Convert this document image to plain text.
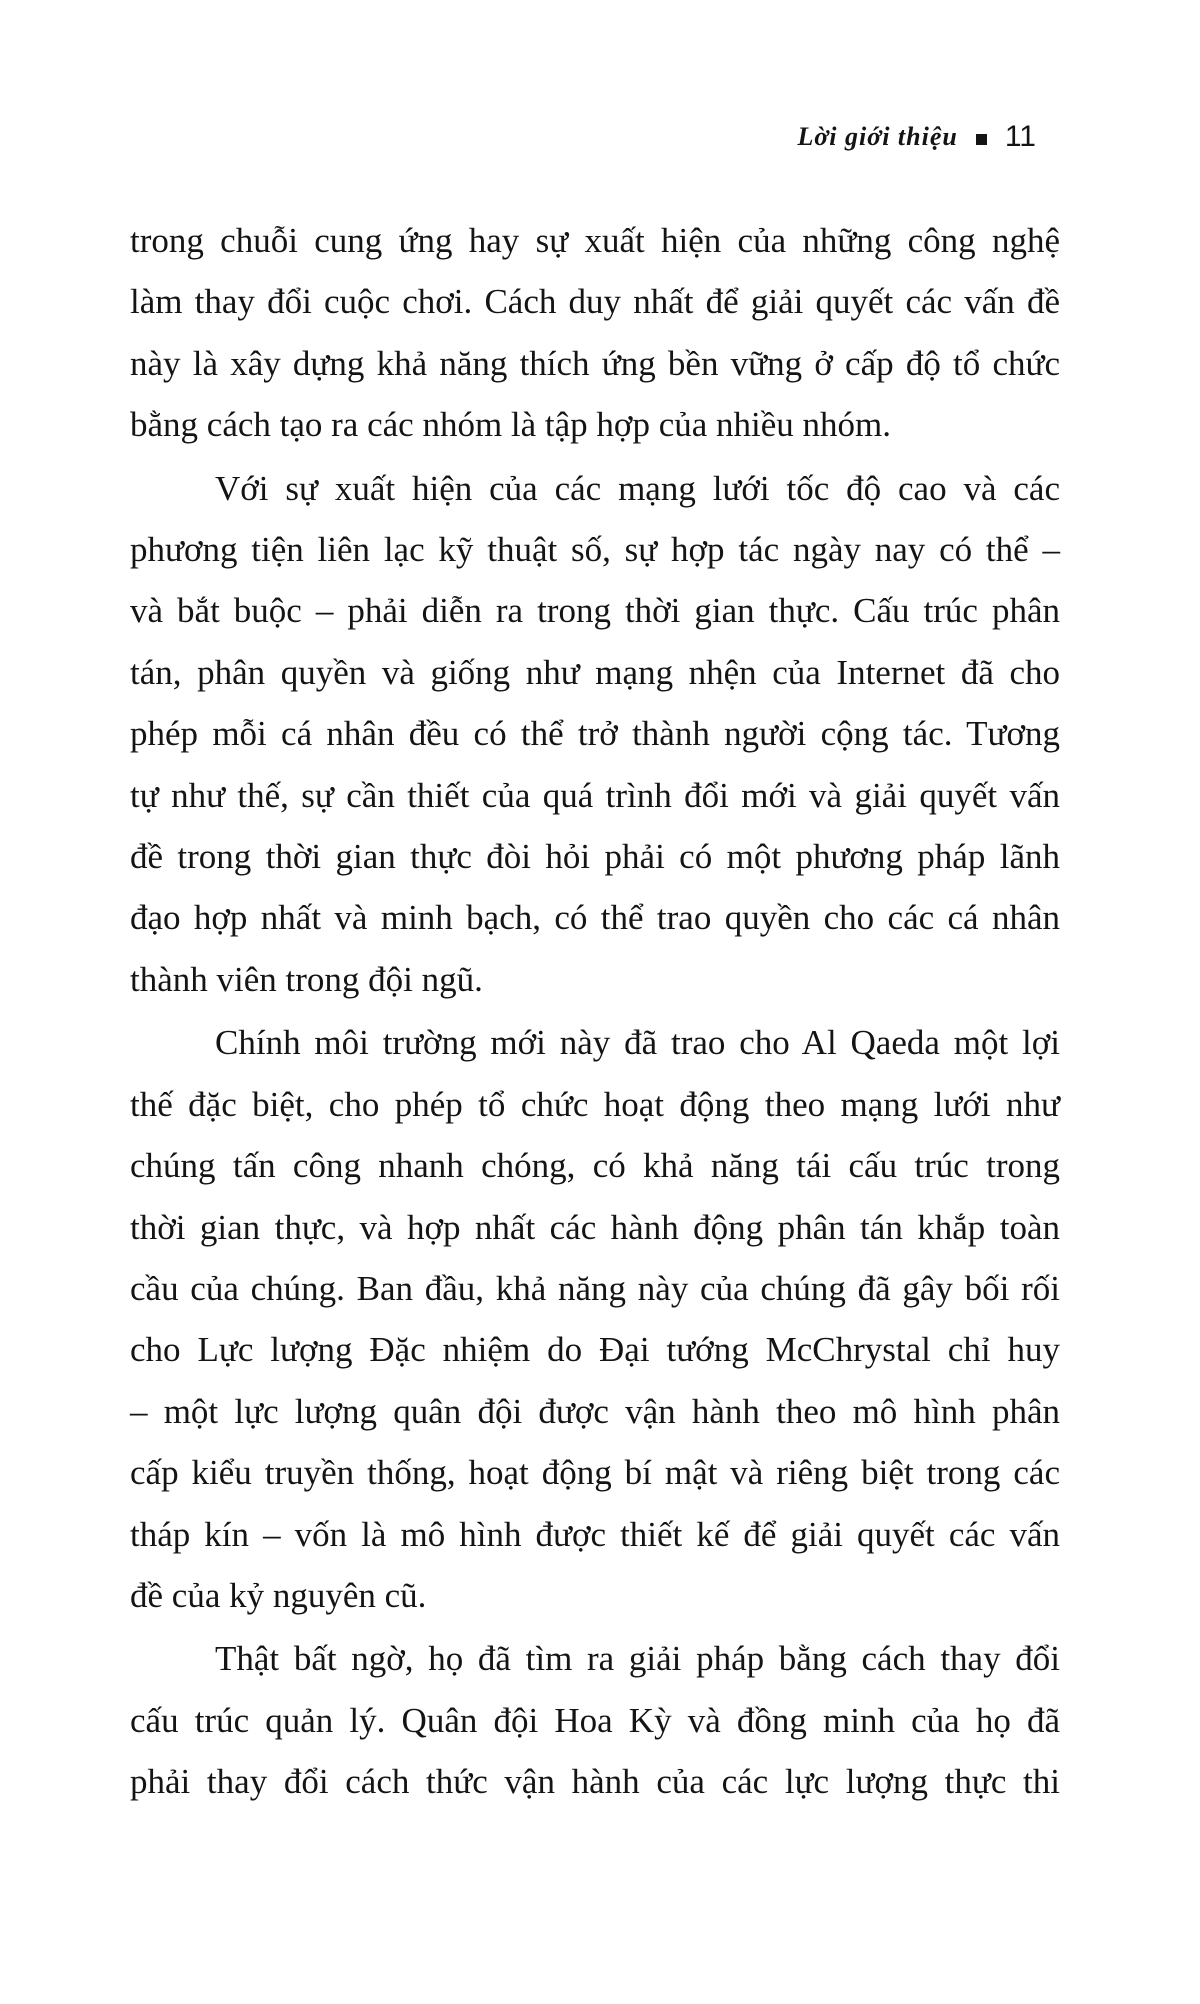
Lời giới thiệu 11
trong chuỗi cung ứng hay sự xuất hiện của những công nghệ
làm thay đổi cuộc chơi. Cách duy nhất để giải quyết các vấn đề
này là xây dựng khả năng thích ứng bền vững ở cấp độ tổ chức
bằng cách tạo ra các nhóm là tập hợp của nhiều nhóm.
Với sự xuất hiện của các mạng lưới tốc độ cao và các
phương tiện liên lạc kỹ thuật số, sự hợp tác ngày nay có thể –
và bắt buộc – phải diễn ra trong thời gian thực. Cấu trúc phân
tán, phân quyền và giống như mạng nhện của Internet đã cho
phép mỗi cá nhân đều có thể trở thành người cộng tác. Tương
tự như thế, sự cần thiết của quá trình đổi mới và giải quyết vấn
đề trong thời gian thực đòi hỏi phải có một phương pháp lãnh
đạo hợp nhất và minh bạch, có thể trao quyền cho các cá nhân
thành viên trong đội ngũ.
Chính môi trường mới này đã trao cho Al Qaeda một lợi
thế đặc biệt, cho phép tổ chức hoạt động theo mạng lưới như
chúng tấn công nhanh chóng, có khả năng tái cấu trúc trong
thời gian thực, và hợp nhất các hành động phân tán khắp toàn
cầu của chúng. Ban đầu, khả năng này của chúng đã gây bối rối
cho Lực lượng Đặc nhiệm do Đại tướng McChrystal chỉ huy
– một lực lượng quân đội được vận hành theo mô hình phân
cấp kiểu truyền thống, hoạt động bí mật và riêng biệt trong các
tháp kín – vốn là mô hình được thiết kế để giải quyết các vấn
đề của kỷ nguyên cũ.
Thật bất ngờ, họ đã tìm ra giải pháp bằng cách thay đổi
cấu trúc quản lý. Quân đội Hoa Kỳ và đồng minh của họ đã
phải thay đổi cách thức vận hành của các lực lượng thực thi
